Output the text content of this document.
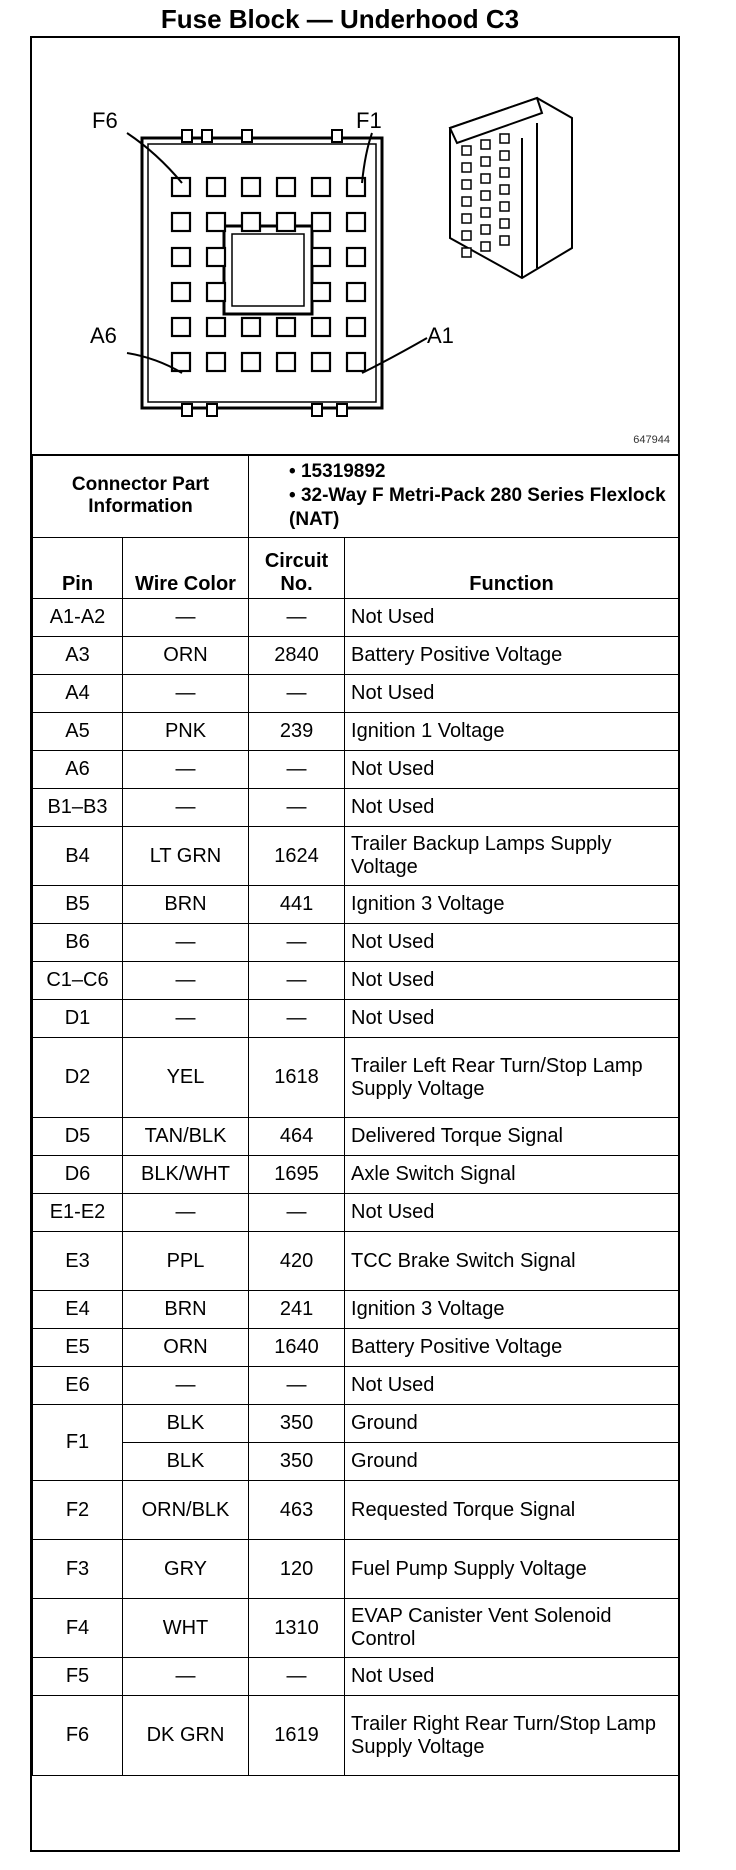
Fuse Block — Underhood C3
F6	F1
A6	A1
647944
Connector Part Information		• 15319892
• 32-Way F Metri-Pack 280 Series Flexlock (NAT)	

Pin	Wire Color	Circuit No.	Function
A1-A2	—	—	Not Used
A3	ORN	2840	Battery Positive Voltage
A4	—	—	Not Used
A5	PNK	239	Ignition 1 Voltage
A6	—	—	Not Used
B1–B3	—	—	Not Used
B4	LT GRN	1624	Trailer Backup Lamps Supply Voltage
B5	BRN	441	Ignition 3 Voltage
B6	—	—	Not Used
C1–C6	—	—	Not Used
D1	—	—	Not Used
D2	YEL	1618	Trailer Left Rear Turn/Stop Lamp Supply Voltage
D5	TAN/BLK	464	Delivered Torque Signal
D6	BLK/WHT	1695	Axle Switch Signal
E1-E2	—	—	Not Used
E3	PPL	420	TCC Brake Switch Signal
E4	BRN	241	Ignition 3 Voltage
E5	ORN	1640	Battery Positive Voltage
E6	—	—	Not Used
F1	BLK	350	Ground
	BLK	350	Ground
F2	ORN/BLK	463	Requested Torque Signal
F3	GRY	120	Fuel Pump Supply Voltage
F4	WHT	1310	EVAP Canister Vent Solenoid Control
F5	—	—	Not Used
F6	DK GRN	1619	Trailer Right Rear Turn/Stop Lamp Supply Voltage
